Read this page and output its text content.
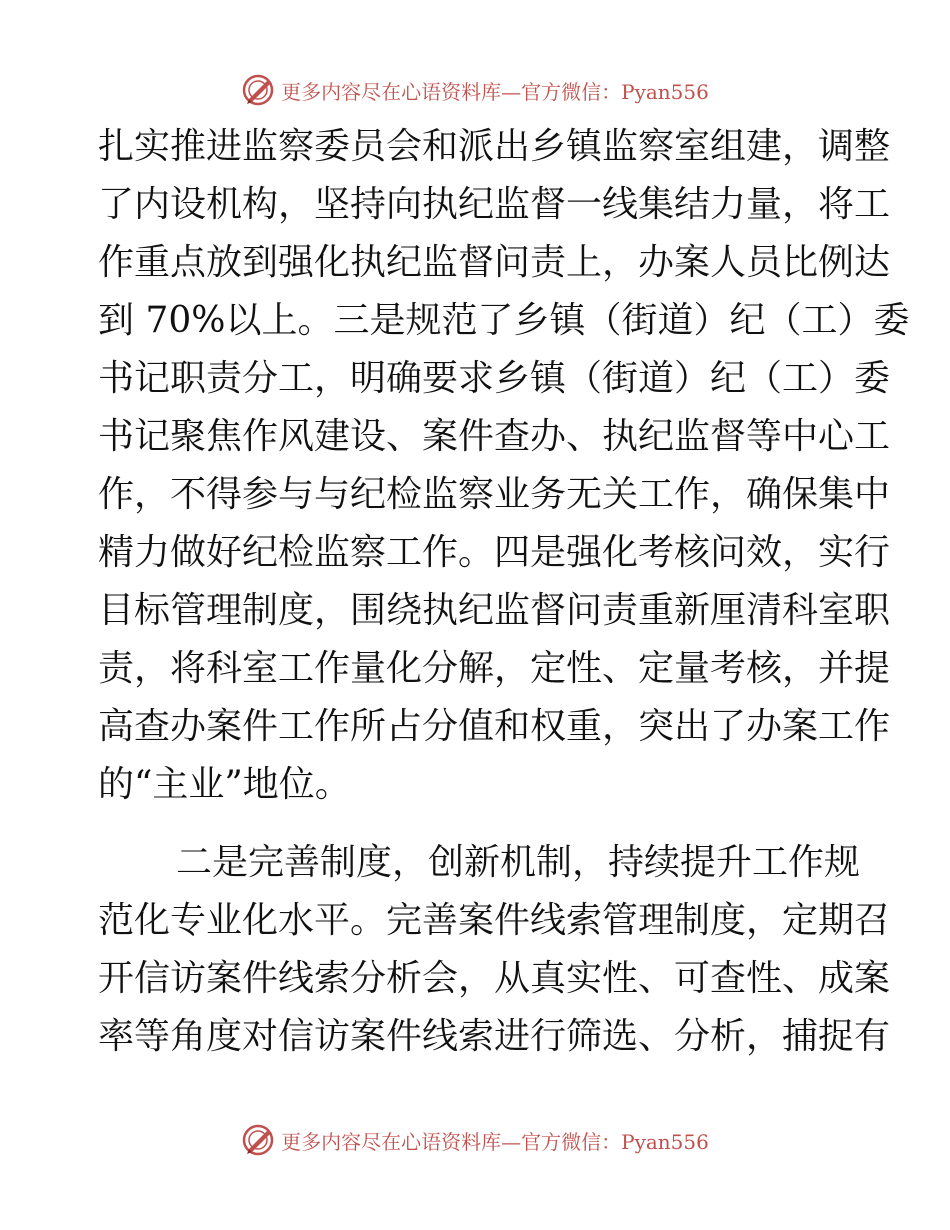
更多内容尽在心语资料库—官方微信：Pyan556
扎实推进监察委员会和派出乡镇监察室组建，调整
了内设机构，坚持向执纪监督一线集结力量，将工
作重点放到强化执纪监督问责上，办案人员比例达
到 70%以上。三是规范了乡镇（街道）纪（工）委
书记职责分工，明确要求乡镇（街道）纪（工）委
书记聚焦作风建设、案件查办、执纪监督等中心工
作，不得参与与纪检监察业务无关工作，确保集中
精力做好纪检监察工作。四是强化考核问效，实行
目标管理制度，围绕执纪监督问责重新厘清科室职
责，将科室工作量化分解，定性、定量考核，并提
高查办案件工作所占分值和权重，突出了办案工作
的“主业”地位。
二是完善制度，创新机制，持续提升工作规
范化专业化水平。完善案件线索管理制度，定期召
开信访案件线索分析会，从真实性、可查性、成案
率等角度对信访案件线索进行筛选、分析，捕捉有
更多内容尽在心语资料库—官方微信：Pyan556
